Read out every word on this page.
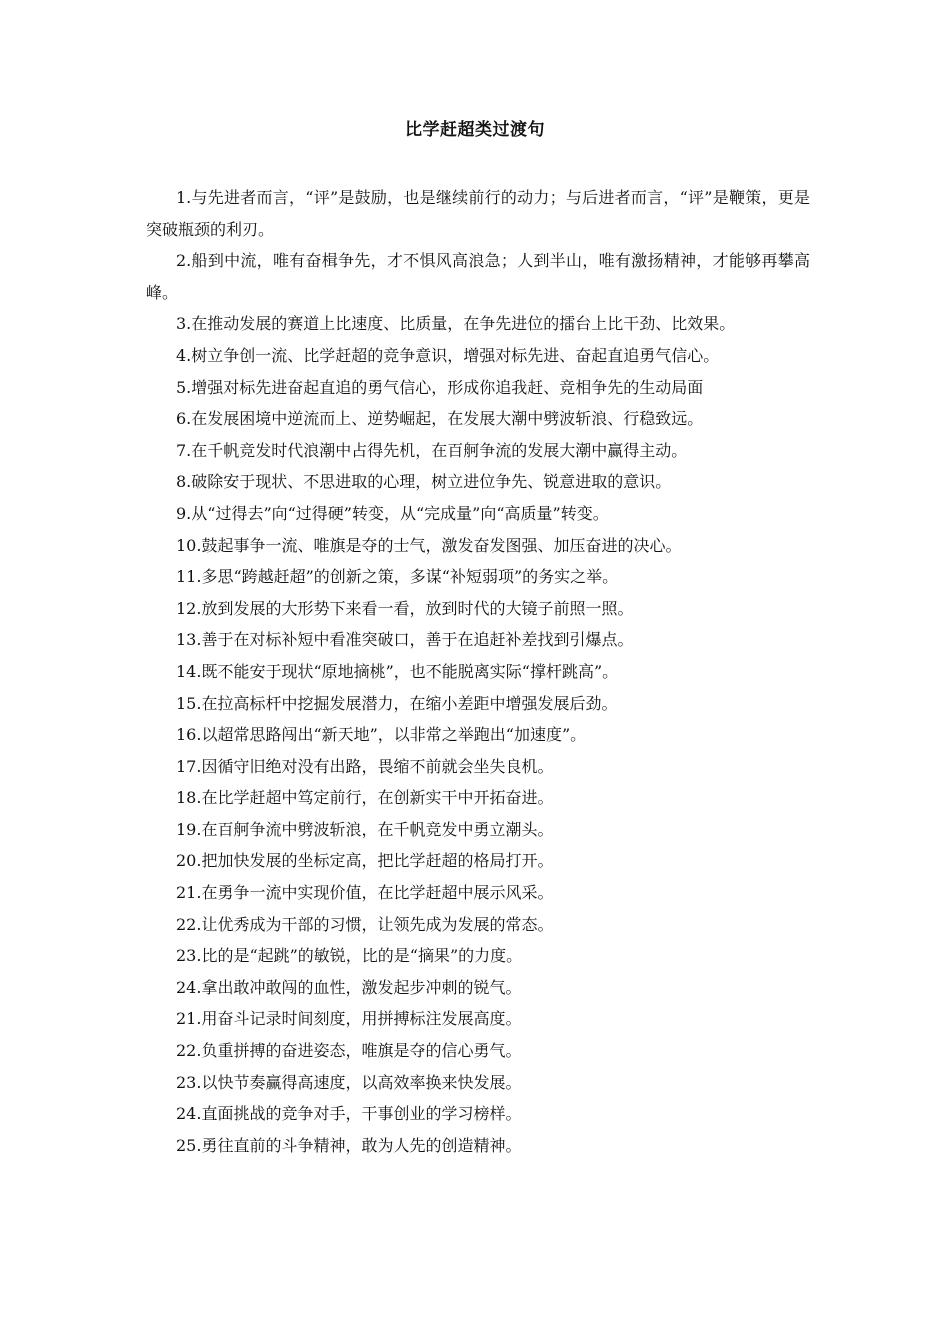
比学赶超类过渡句

1.与先进者而言，“评”是鼓励，也是继续前行的动力；与后进者而言，“评”是鞭策，更是突破瓶颈的利刃。

2.船到中流，唯有奋楫争先，才不惧风高浪急；人到半山，唯有激扬精神，才能够再攀高峰。

3.在推动发展的赛道上比速度、比质量，在争先进位的擂台上比干劲、比效果。

4.树立争创一流、比学赶超的竞争意识，增强对标先进、奋起直追勇气信心。

5.增强对标先进奋起直追的勇气信心，形成你追我赶、竞相争先的生动局面

6.在发展困境中逆流而上、逆势崛起，在发展大潮中劈波斩浪、行稳致远。

7.在千帆竞发时代浪潮中占得先机，在百舸争流的发展大潮中赢得主动。

8.破除安于现状、不思进取的心理，树立进位争先、锐意进取的意识。

9.从“过得去”向“过得硬”转变，从“完成量”向“高质量”转变。

10.鼓起事争一流、唯旗是夺的士气，激发奋发图强、加压奋进的决心。

11.多思“跨越赶超”的创新之策，多谋“补短弱项”的务实之举。

12.放到发展的大形势下来看一看，放到时代的大镜子前照一照。

13.善于在对标补短中看准突破口，善于在追赶补差找到引爆点。

14.既不能安于现状“原地摘桃”，也不能脱离实际“撑杆跳高”。

15.在拉高标杆中挖掘发展潜力，在缩小差距中增强发展后劲。

16.以超常思路闯出“新天地”，以非常之举跑出“加速度”。

17.因循守旧绝对没有出路，畏缩不前就会坐失良机。

18.在比学赶超中笃定前行，在创新实干中开拓奋进。

19.在百舸争流中劈波斩浪，在千帆竞发中勇立潮头。

20.把加快发展的坐标定高，把比学赶超的格局打开。

21.在勇争一流中实现价值，在比学赶超中展示风采。

22.让优秀成为干部的习惯，让领先成为发展的常态。

23.比的是“起跳”的敏锐，比的是“摘果”的力度。

24.拿出敢冲敢闯的血性，激发起步冲刺的锐气。

21.用奋斗记录时间刻度，用拼搏标注发展高度。

22.负重拼搏的奋进姿态，唯旗是夺的信心勇气。

23.以快节奏赢得高速度，以高效率换来快发展。

24.直面挑战的竞争对手，干事创业的学习榜样。

25.勇往直前的斗争精神，敢为人先的创造精神。
